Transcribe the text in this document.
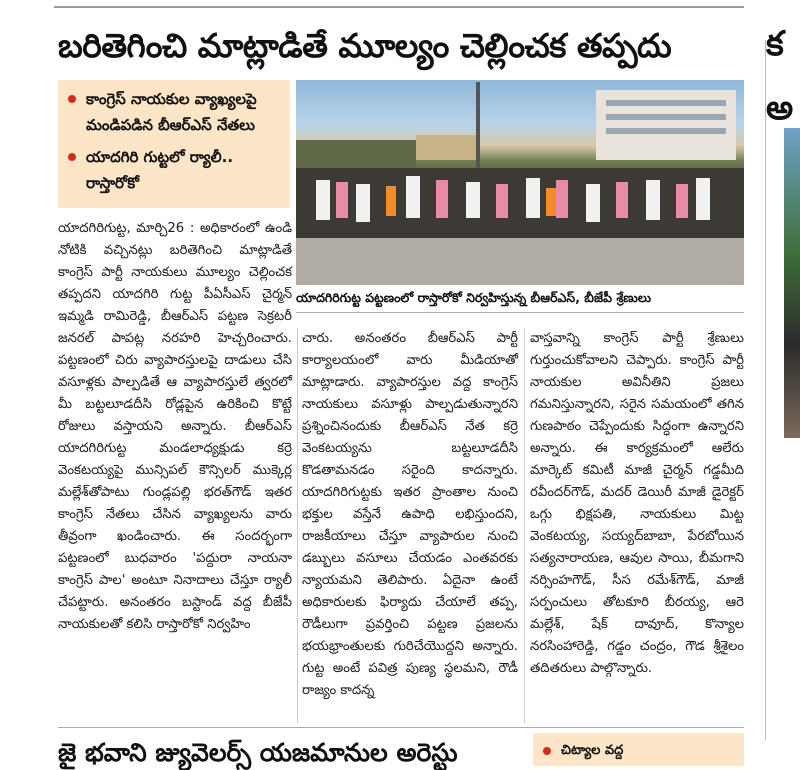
బరితెగించి మాట్లాడితే మూల్యం చెల్లించక తప్పదు
కాంగ్రెస్ నాయకుల వ్యాఖ్యలపై మండిపడిన బీఆర్ఎస్ నేతలు
యాదగిరి గుట్టలో ర్యాలీ.. రాస్తారోకో
యాదగిరిగుట్ట పట్టణంలో రాస్తారోకో నిర్వహిస్తున్న బీఆర్ఎస్, బీజేపీ శ్రేణులు

యాదగిరిగుట్ట, మార్చి26 : అధికారంలో ఉండి నోటికి వచ్చినట్లు బరితెగించి మాట్లాడితే కాంగ్రెస్ పార్టీ నాయకులు మూల్యం చెల్లించక తప్పదని యాదగిరి గుట్ట పీఏసీఎస్ చైర్మన్ ఇమ్మడి రామిరెడ్డి, బీఆర్ఎస్ పట్టణ సెక్రటరీ జనరల్ పాపట్ల నరహరి హెచ్చరించారు. పట్టణంలో చిరు వ్యాపారస్తులపై దాడులు చేసి వసూళ్లకు పాల్పడితే ఆ వ్యాపారస్తులే త్వరలో మీ బట్టలూడదీసి రోడ్లపైన ఉరికించి కొట్టే రోజులు వస్తాయని అన్నారు. బీఆర్ఎస్ యాదగిరిగుట్ట మండలాధ్యక్షుడు కర్రె వెంకటయ్యపై మున్సిపల్ కౌన్సిలర్ ముక్కెర్ల మల్లేశ్‌తోపాటు గుండ్లపల్లి భరత్‌గౌడ్ ఇతర కాంగ్రెస్ నేతలు చేసిన వ్యాఖ్యలను వారు తీవ్రంగా ఖండించారు. ఈ సందర్భంగా పట్టణంలో బుధవారం 'పద్దురా నాయనా కాంగ్రెస్ పాల' అంటూ నినాదాలు చేస్తూ ర్యాలీ చేపట్టారు. అనంతరం బస్టాండ్ వద్ద బీజేపీ నాయకులతో కలిసి రాస్తారోకో నిర్వహిం

చారు. అనంతరం బీఆర్ఎస్ పార్టీ కార్యాలయంలో వారు మీడియాతో మాట్లాడారు. వ్యాపారస్తుల వద్ద కాంగ్రెస్ నాయకులు వసూళ్లు పాల్పడుతున్నారని ప్రశ్నించినందుకు బీఆర్ఎస్ నేత కర్రె వెంకటయ్యను బట్టలూడదీసి కొడతామనడం సరైంది కాదన్నారు. యాదగిరిగుట్టకు ఇతర ప్రాంతాల నుంచి భక్తుల వస్తేనే ఉపాధి లభిస్తుందని, రాజకీయాలు చేస్తూ వ్యాపారుల నుంచి డబ్బులు వసూలు చేయడం ఎంతవరకు న్యాయమని తెలిపారు. ఏదైనా ఉంటే అధికారులకు ఫిర్యాదు చేయాలే తప్ప, రౌడీలుగా ప్రవర్తించి పట్టణ ప్రజలను భయభ్రాంతులకు గురిచేయొద్దని అన్నారు. గుట్ట అంటే పవిత్ర పుణ్య స్థలమని, రౌడీ రాజ్యం కాదన్న

వాస్తవాన్ని కాంగ్రెస్ పార్టీ శ్రేణులు గుర్తుంచుకోవాలని చెప్పారు. కాంగ్రెస్ పార్టీ నాయకుల అవినీతిని ప్రజలు గమనిస్తున్నారని, సరైన సమయంలో తగిన గుణపాఠం చెప్పేందుకు సిద్ధంగా ఉన్నారని అన్నారు. ఈ కార్యక్రమంలో ఆలేరు మార్కెట్ కమిటీ మాజీ చైర్మన్ గడ్డమీది రవీందర్‌గౌడ్, మదర్ డెయిరీ మాజీ డైరెక్టర్ ఒగ్గు భిక్షపతి, నాయకులు మిట్ట వెంకటయ్య, సయ్యద్‌బాబా, పేరబోయిన సత్యనారాయణ, ఆవుల సాయి, బీమగాని నర్సింహగౌడ్, సీస రమేశ్‌గౌడ్, మాజీ సర్పంచులు తోటకూరి బీరయ్య, ఆరె మల్లేశ్, షేక్ దావూద్, కొన్యాల నరసింహారెడ్డి, గడ్డం చంద్రం, గౌడ శ్రీశైలం తదితరులు పాల్గొన్నారు.

జై భవాని జ్యువెలర్స్ యజమానుల అరెస్టు	చిట్యాల వద్ద
క
అ
